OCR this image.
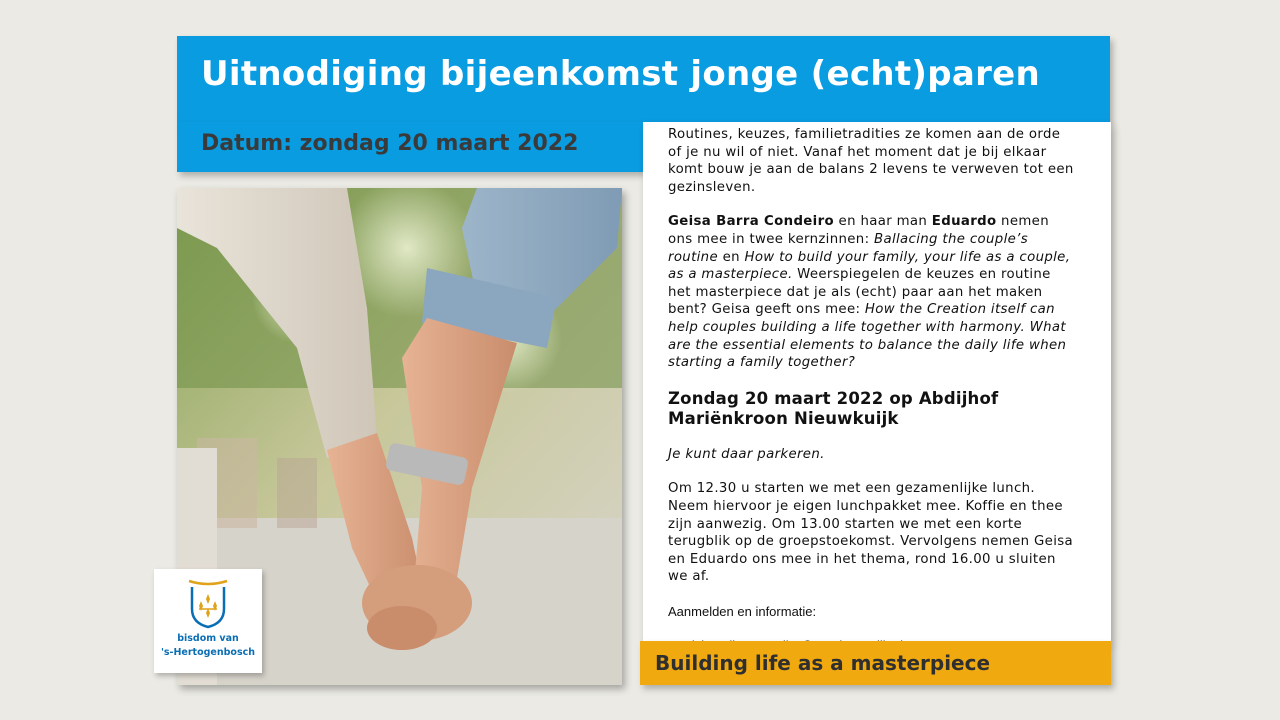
Uitnodiging bijeenkomst jonge (echt)paren
Datum: zondag 20 maart 2022
bisdom van
's-Hertogenbosch

Routines, keuzes, familietradities ze komen aan de orde of je nu wil of niet. Vanaf het moment dat je bij elkaar komt bouw je aan de balans 2 levens te verweven tot een gezinsleven.

Geisa Barra Condeiro en haar man Eduardo nemen ons mee in twee kernzinnen: Ballacing the couple’s routine en How to build your family, your life as a couple, as a masterpiece. Weerspiegelen de keuzes en routine het masterpiece dat je als (echt) paar aan het maken bent? Geisa geeft ons mee: How the Creation itself can help couples building a life together with harmony. What are the essential elements to balance the daily life when starting a family together?

Zondag 20 maart 2022 op Abdijhof Mariënkroon Nieuwkuijk

Je kunt daar parkeren.

Om 12.30 u starten we met een gezamenlijke lunch. Neem hiervoor je eigen lunchpakket mee. Koffie en thee zijn aanwezig. Om 13.00 starten we met een korte terugblik op de groepstoekomst. Vervolgens nemen Geisa en Eduardo ons mee in het thema, rond 16.00 u sluiten we af.

Aanmelden en informatie:

Building life as a masterpiece
